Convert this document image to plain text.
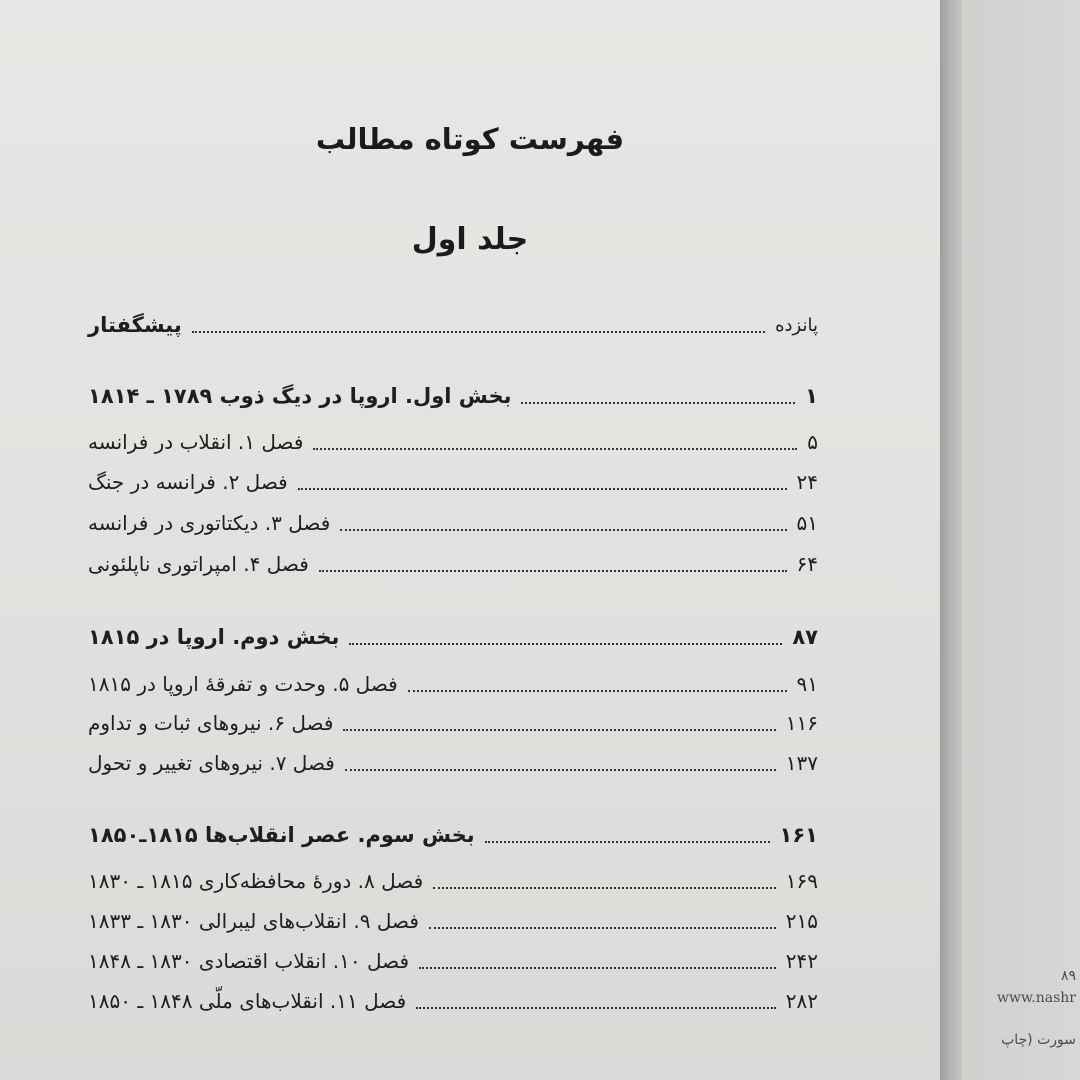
فهرست کوتاه مطالب
جلد اول
پیشگفتار	پانزده
بخش اول. اروپا در دیگ ذوب ۱۷۸۹ ـ ۱۸۱۴	۱
فصل ۱. انقلاب در فرانسه	۵
فصل ۲. فرانسه در جنگ	۲۴
فصل ۳. دیکتاتوری در فرانسه	۵۱
فصل ۴. امپراتوری ناپلئونی	۶۴
بخش دوم. اروپا در ۱۸۱۵	۸۷
فصل ۵. وحدت و تفرقهٔ اروپا در ۱۸۱۵	۹۱
فصل ۶. نیروهای ثبات و تداوم	۱۱۶
فصل ۷. نیروهای تغییر و تحول	۱۳۷
بخش سوم. عصر انقلاب‌ها ۱۸۱۵ـ۱۸۵۰	۱۶۱
فصل ۸. دورهٔ محافظه‌کاری ۱۸۱۵ ـ ۱۸۳۰	۱۶۹
فصل ۹. انقلاب‌های لیبرالی ۱۸۳۰ ـ ۱۸۳۳	۲۱۵
فصل ۱۰. انقلاب اقتصادی ۱۸۳۰ ـ ۱۸۴۸	۲۴۲
فصل ۱۱. انقلاب‌های ملّی ۱۸۴۸ ـ ۱۸۵۰	۲۸۲
۸۹
www.nashr
سورت (چاپ
